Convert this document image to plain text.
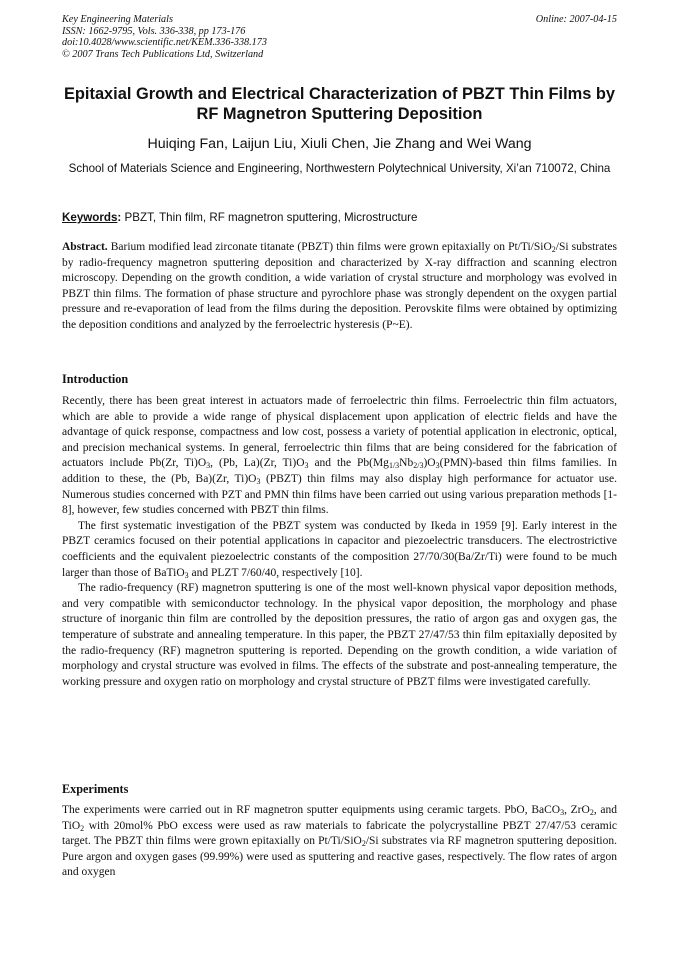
Key Engineering Materials
ISSN: 1662-9795, Vols. 336-338, pp 173-176
doi:10.4028/www.scientific.net/KEM.336-338.173
© 2007 Trans Tech Publications Ltd, Switzerland
Online: 2007-04-15
Epitaxial Growth and Electrical Characterization of PBZT Thin Films by RF Magnetron Sputtering Deposition
Huiqing Fan, Laijun Liu, Xiuli Chen, Jie Zhang and Wei Wang
School of Materials Science and Engineering, Northwestern Polytechnical University, Xi’an 710072, China
Keywords: PBZT, Thin film, RF magnetron sputtering, Microstructure
Abstract. Barium modified lead zirconate titanate (PBZT) thin films were grown epitaxially on Pt/Ti/SiO$_2$/Si substrates by radio-frequency magnetron sputtering deposition and characterized by X-ray diffraction and scanning electron microscopy. Depending on the growth condition, a wide variation of crystal structure and morphology was evolved in PBZT thin films. The formation of phase structure and pyrochlore phase was strongly dependent on the oxygen partial pressure and re-evaporation of lead from the films during the deposition. Perovskite films were obtained by optimizing the deposition conditions and analyzed by the ferroelectric hysteresis (P~E).
Introduction

Recently, there has been great interest in actuators made of ferroelectric thin films. Ferroelectric thin film actuators, which are able to provide a wide range of physical displacement upon application of electric fields and have the advantage of quick response, compactness and low cost, possess a variety of potential application in electronic, optical, and precision mechanical systems. In general, ferroelectric thin films that are being considered for the fabrication of actuators include Pb(Zr, $Ti)O_3$, (Pb, La)(Zr, $Ti)O_3$ and the $Pb(Mg_{1/3}Nb_{2/3})O_3(PMN)$-based thin films families. In addition to these, the (Pb, Ba)(Zr, $Ti)O_3$ (PBZT) thin films may also display high performance for actuator use. Numerous studies concerned with PZT and PMN thin films have been carried out using various preparation methods [1-8], however, few studies concerned with PBZT thin films.

The first systematic investigation of the PBZT system was conducted by Ikeda in 1959 [9]. Early interest in the PBZT ceramics focused on their potential applications in capacitor and piezoelectric transducers. The electrostrictive coefficients and the equivalent piezoelectric constants of the composition 27/70/30(Ba/Zr/Ti) were found to be much larger than those of BaTiO$_3$ and PLZT 7/60/40, respectively [10].

The radio-frequency (RF) magnetron sputtering is one of the most well-known physical vapor deposition methods, and very compatible with semiconductor technology. In the physical vapor deposition, the morphology and phase structure of inorganic thin film are controlled by the deposition pressures, the ratio of argon gas and oxygen gas, the temperature of substrate and annealing temperature. In this paper, the PBZT 27/47/53 thin film epitaxially deposited by the radio-frequency (RF) magnetron sputtering is reported. Depending on the growth condition, a wide variation of morphology and crystal structure was evolved in films. The effects of the substrate and post-annealing temperature, the working pressure and oxygen ratio on morphology and crystal structure of PBZT films were investigated carefully.

Experiments

The experiments were carried out in RF magnetron sputter equipments using ceramic targets. PbO, BaCO$_3$, ZrO$_2$, and TiO$_2$ with 20mol% PbO excess were used as raw materials to fabricate the polycrystalline PBZT 27/47/53 ceramic target. The PBZT thin films were grown epitaxially on Pt/Ti/SiO$_2$/Si substrates via RF magnetron sputtering deposition. Pure argon and oxygen gases (99.99%) were used as sputtering and reactive gases, respectively. The flow rates of argon and oxygen
